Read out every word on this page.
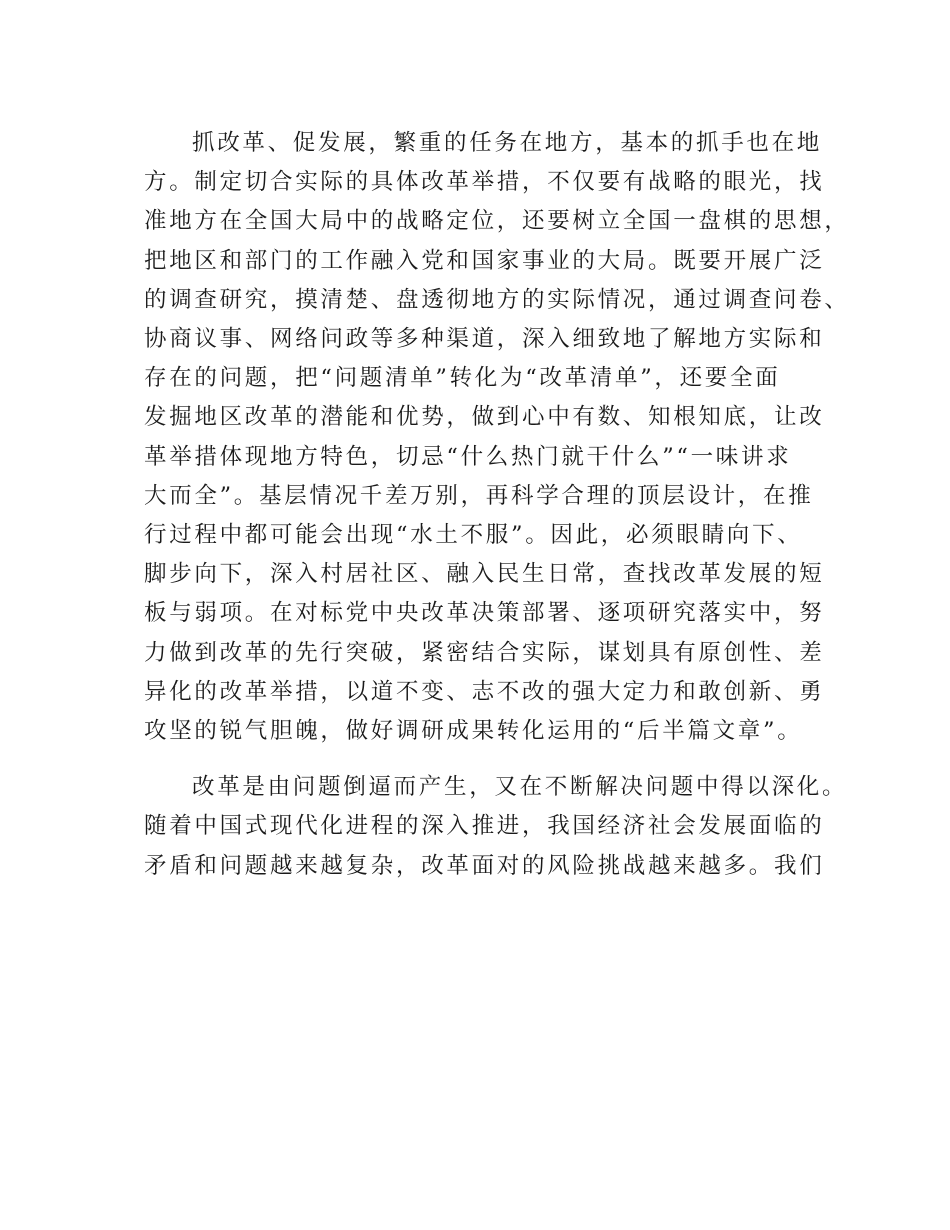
抓改革、促发展，繁重的任务在地方，基本的抓手也在地
方。制定切合实际的具体改革举措，不仅要有战略的眼光，找
准地方在全国大局中的战略定位，还要树立全国一盘棋的思想，
把地区和部门的工作融入党和国家事业的大局。既要开展广泛
的调查研究，摸清楚、盘透彻地方的实际情况，通过调查问卷、
协商议事、网络问政等多种渠道，深入细致地了解地方实际和
存在的问题，把“问题清单”转化为“改革清单”，还要全面
发掘地区改革的潜能和优势，做到心中有数、知根知底，让改
革举措体现地方特色，切忌“什么热门就干什么”“一味讲求
大而全”。基层情况千差万别，再科学合理的顶层设计，在推
行过程中都可能会出现“水土不服”。因此，必须眼睛向下、
脚步向下，深入村居社区、融入民生日常，查找改革发展的短
板与弱项。在对标党中央改革决策部署、逐项研究落实中，努
力做到改革的先行突破，紧密结合实际，谋划具有原创性、差
异化的改革举措，以道不变、志不改的强大定力和敢创新、勇
攻坚的锐气胆魄，做好调研成果转化运用的“后半篇文章”。
改革是由问题倒逼而产生，又在不断解决问题中得以深化。
随着中国式现代化进程的深入推进，我国经济社会发展面临的
矛盾和问题越来越复杂，改革面对的风险挑战越来越多。我们
